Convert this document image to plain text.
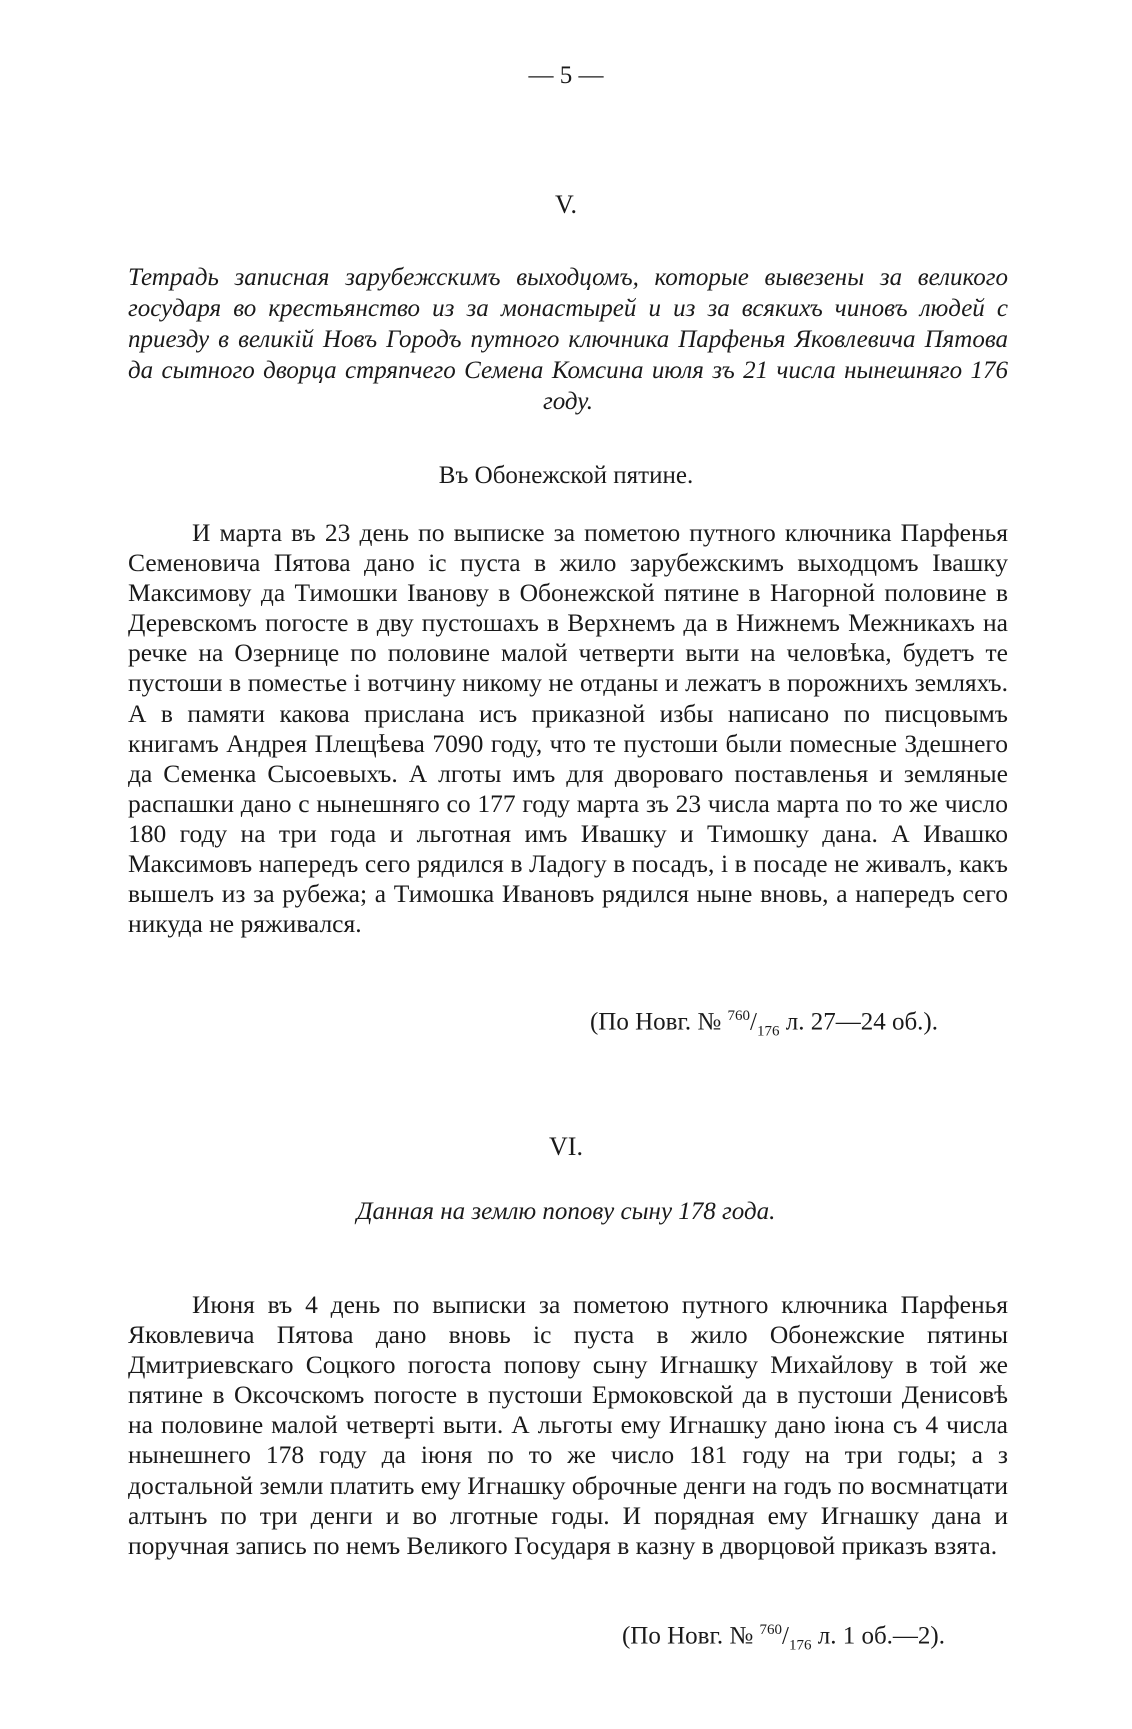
— 5 —
V.
Тетрадь записная зарубежскимъ выходцомъ, которые вывезены за великого государя во крестьянство из за монастырей и из за всякихъ чиновъ людей с приезду в великій Новъ Городъ путного ключника Парфенья Яковлевича Пятова да сытного дворца стряпчего Семена Комсина июля зъ 21 числа нынешняго 176 году.
Въ Обонежской пятине.
И марта въ 23 день по выписке за пометою путного ключника Парфенья Семеновича Пятова дано іс пуста в жило зарубежскимъ выходцомъ Івашку Максимову да Тимошки Іванову в Обонежской пятине в Нагорной половине в Деревскомъ погосте в дву пустошахъ в Верхнемъ да в Нижнемъ Межникахъ на речке на Озернице по половине малой четверти выти на человѣка, будетъ те пустоши в поместье і вотчину никому не отданы и лежатъ в порожнихъ земляхъ. А в памяти какова прислана исъ приказной избы написано по писцовымъ книгамъ Андрея Плещѣева 7090 году, что те пустоши были помесные Здешнего да Семенка Сысоевыхъ. А лготы имъ для двороваго поставленья и земляные распашки дано с нынешняго со 177 году марта зъ 23 числа марта по то же число 180 году на три года и льготная имъ Ивашку и Тимошку дана. А Ивашко Максимовъ напередъ сего рядился в Ладогу в посадъ, і в посаде не живалъ, какъ вышелъ из за рубежа; а Тимошка Ивановъ рядился ныне вновь, а напередъ сего никуда не ряживался.
(По Новг. № $^{760}/_{176}$ л. 27—24 об.).
VI.
Данная на землю попову сыну 178 года.
Июня въ 4 день по выписки за пометою путного ключника Парфенья Яковлевича Пятова дано вновь іс пуста в жило Обонежские пятины Дмитриевскаго Соцкого погоста попову сыну Игнашку Михайлову в той же пятине в Оксочскомъ погосте в пустоши Ермоковской да в пустоши Денисовѣ на половине малой четверті выти. А льготы ему Игнашку дано іюна съ 4 числа нынешнего 178 году да іюня по то же число 181 году на три годы; а з достальной земли платить ему Игнашку оброчные денги на годъ по восмнатцати алтынъ по три денги и во лготные годы. И порядная ему Игнашку дана и поручная запись по немъ Великого Государя в казну в дворцовой приказъ взята.
(По Новг. № $^{760}/_{176}$ л. 1 об.—2).
